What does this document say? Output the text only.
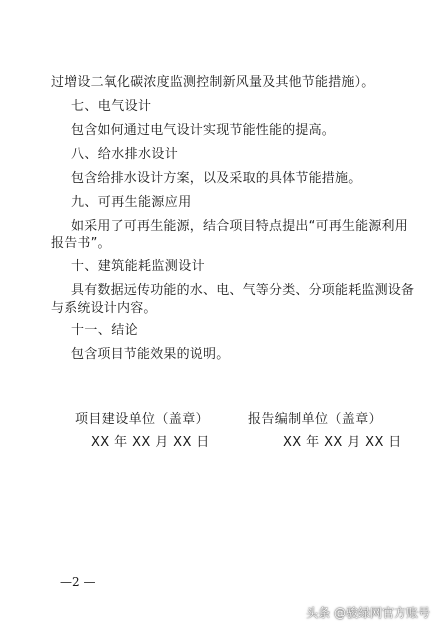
过增设二氧化碳浓度监测控制新风量及其他节能措施）。
七、电气设计
包含如何通过电气设计实现节能性能的提高。
八、给水排水设计
包含给排水设计方案，以及采取的具体节能措施。
九、可再生能源应用
如采用了可再生能源，结合项目特点提出“可再生能源利用
报告书”。
十、建筑能耗监测设计
具有数据远传功能的水、电、气等分类、分项能耗监测设备
与系统设计内容。
十一、结论
包含项目节能效果的说明。
项目建设单位（盖章）
XX 年 XX 月 XX 日
报告编制单位（盖章）
XX 年 XX 月 XX 日
—2 —
头条 @骏绿网官方账号
